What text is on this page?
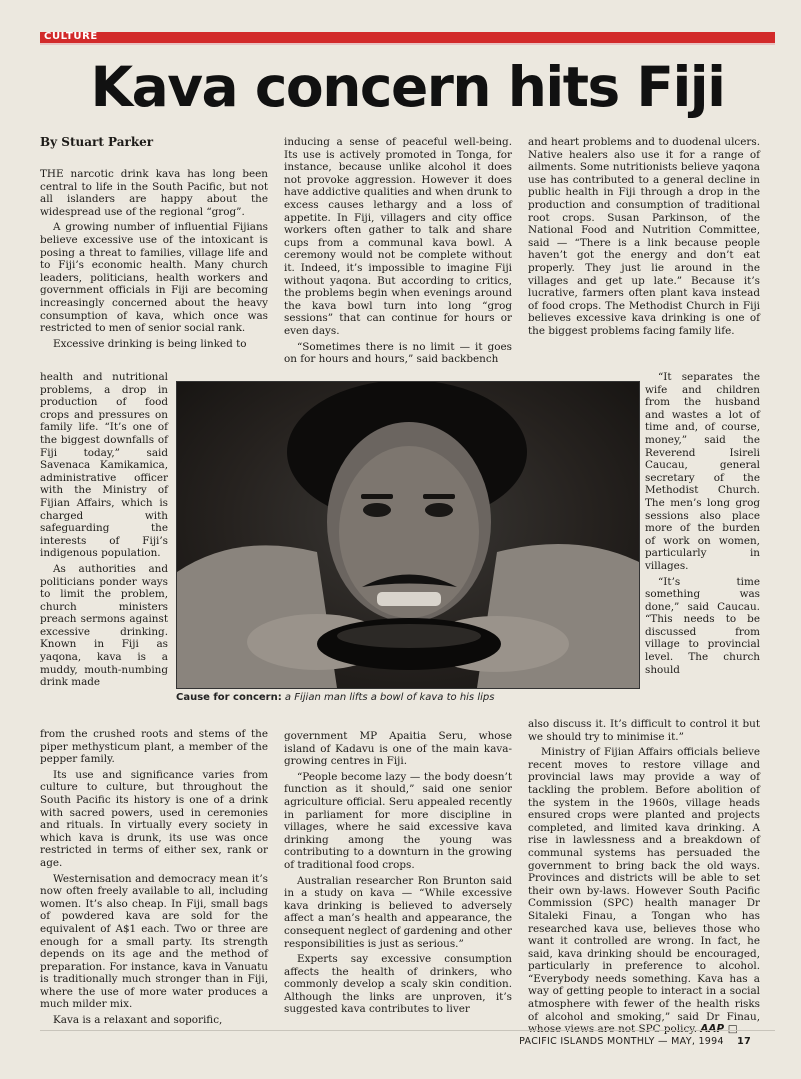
CULTURE
Kava concern hits Fiji
By Stuart Parker

THE narcotic drink kava has long been central to life in the South Pacific, but not all islanders are happy about the widespread use of the regional “grog”.

A growing number of influential Fijians believe excessive use of the intoxicant is posing a threat to families, village life and to Fiji’s economic health. Many church leaders, politicians, health workers and government officials in Fiji are becoming increasingly concerned about the heavy consumption of kava, which once was restricted to men of senior social rank.

Excessive drinking is being linked to

health and nutritional problems, a drop in production of food crops and pressures on family life. “It’s one of the biggest downfalls of Fiji today,” said Savenaca Kamikamica, administrative officer with the Ministry of Fijian Affairs, which is charged with safeguarding the interests of Fiji’s indigenous population.

As authorities and politicians ponder ways to limit the problem, church ministers preach sermons against excessive drinking. Known in Fiji as yaqona, kava is a muddy, mouth-numbing drink made

from the crushed roots and stems of the piper methysticum plant, a member of the pepper family.

Its use and significance varies from culture to culture, but throughout the South Pacific its history is one of a drink with sacred powers, used in ceremonies and rituals. In virtually every society in which kava is drunk, its use was once restricted in terms of either sex, rank or age.

Westernisation and democracy mean it’s now often freely available to all, including women. It’s also cheap. In Fiji, small bags of powdered kava are sold for the equivalent of A$1 each. Two or three are enough for a small party. Its strength depends on its age and the method of preparation. For instance, kava in Vanuatu is traditionally much stronger than in Fiji, where the use of more water produces a much milder mix.

Kava is a relaxant and soporific,

inducing a sense of peaceful well-being. Its use is actively promoted in Tonga, for instance, because unlike alcohol it does not provoke aggression. However it does have addictive qualities and when drunk to excess causes lethargy and a loss of appetite. In Fiji, villagers and city office workers often gather to talk and share cups from a communal kava bowl. A ceremony would not be complete without it. Indeed, it’s impossible to imagine Fiji without yaqona. But according to critics, the problems begin when evenings around the kava bowl turn into long “grog sessions” that can continue for hours or even days.

“Sometimes there is no limit — it goes on for hours and hours,” said backbench

government MP Apaitia Seru, whose island of Kadavu is one of the main kava-growing centres in Fiji.

“People become lazy — the body doesn’t function as it should,” said one senior agriculture official. Seru appealed recently in parliament for more discipline in villages, where he said excessive kava drinking among the young was contributing to a downturn in the growing of traditional food crops.

Australian researcher Ron Brunton said in a study on kava — “While excessive kava drinking is believed to adversely affect a man’s health and appearance, the consequent neglect of gardening and other responsibilities is just as serious.”

Experts say excessive consumption affects the health of drinkers, who commonly develop a scaly skin condition. Although the links are unproven, it’s suggested kava contributes to liver

and heart problems and to duodenal ulcers. Native healers also use it for a range of ailments. Some nutritionists believe yaqona use has contributed to a general decline in public health in Fiji through a drop in the production and consumption of traditional root crops. Susan Parkinson, of the National Food and Nutrition Committee, said — “There is a link because people haven’t got the energy and don’t eat properly. They just lie around in the villages and get up late.” Because it’s lucrative, farmers often plant kava instead of food crops. The Methodist Church in Fiji believes excessive kava drinking is one of the biggest problems facing family life.

“It separates the wife and children from the husband and wastes a lot of time and, of course, money,” said the Reverend Isireli Caucau, general secretary of the Methodist Church. The men’s long grog sessions also place more of the burden of work on women, particularly in villages.

“It’s time something was done,” said Caucau. “This needs to be discussed from village to provincial level. The church should

also discuss it. It’s difficult to control it but we should try to minimise it.”

Ministry of Fijian Affairs officials believe recent moves to restore village and provincial laws may provide a way of tackling the problem. Before abolition of the system in the 1960s, village heads ensured crops were planted and projects completed, and limited kava drinking. A rise in lawlessness and a breakdown of communal systems has persuaded the government to bring back the old ways. Provinces and districts will be able to set their own by-laws. However South Pacific Commission (SPC) health manager Dr Sitaleki Finau, a Tongan who has researched kava use, believes those who want it controlled are wrong. In fact, he said, kava drinking should be encouraged, particularly in preference to alcohol. “Everybody needs something. Kava has a way of getting people to interact in a social atmosphere with fewer of the health risks of alcohol and smoking,” said Dr Finau,

Cause for concern: a Fijian man lifts a bowl of kava to his lips
PACIFIC ISLANDS MONTHLY — MAY, 1994 17
